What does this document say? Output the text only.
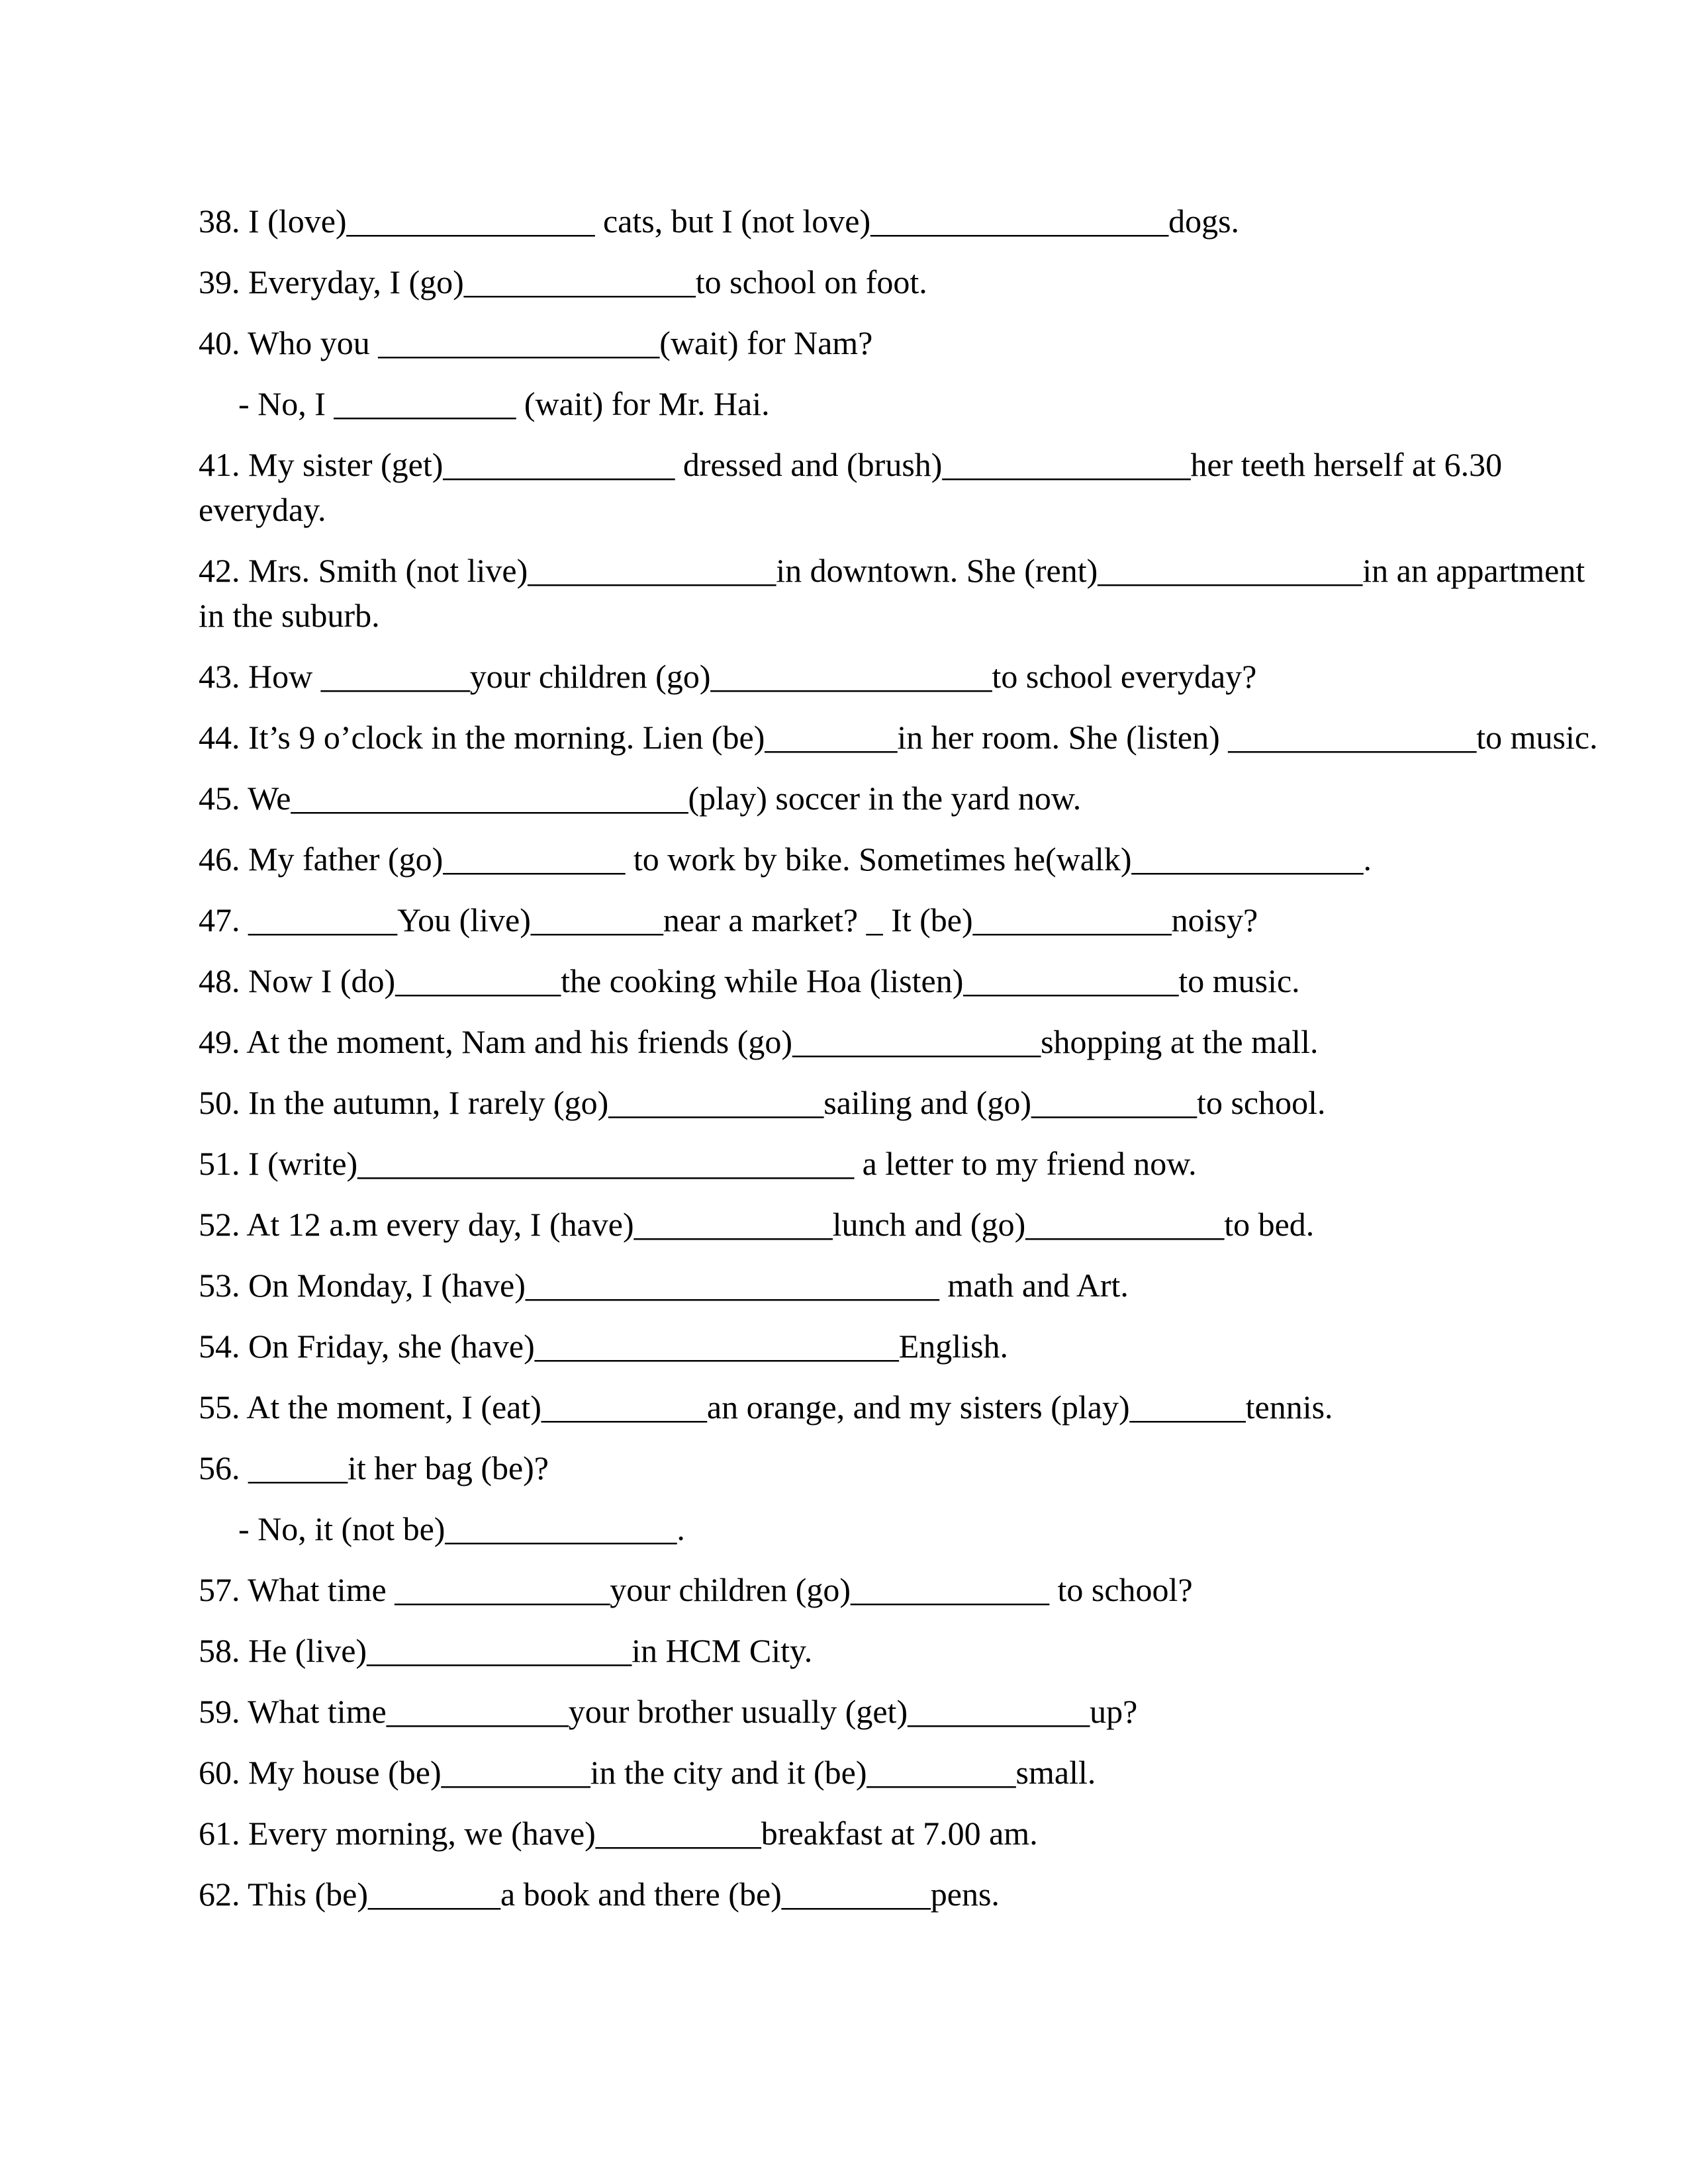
38. I (love)_______________ cats, but I (not love)__________________dogs.

39. Everyday, I (go)______________to school on foot.

40. Who you _________________(wait) for Nam?

- No, I ___________ (wait) for Mr. Hai.

41. My sister (get)______________ dressed and (brush)_______________her teeth herself at 6.30 everyday.

42. Mrs. Smith (not live)_______________in downtown. She (rent)________________in an appartment in the suburb.

43. How _________your children (go)_________________to school everyday?

44. It’s 9 o’clock in the morning. Lien (be)________in her room. She (listen) _______________to music.

45. We________________________(play) soccer in the yard now.

46. My father (go)___________ to work by bike. Sometimes he(walk)______________.

47. _________You (live)________near a market? _ It (be)____________noisy?

48. Now I (do)__________the cooking while Hoa (listen)_____________to music.

49. At the moment, Nam and his friends (go)_______________shopping at the mall.

50. In the autumn, I rarely (go)_____________sailing and (go)__________to school.

51. I (write)______________________________ a letter to my friend now.

52. At 12 a.m every day, I (have)____________lunch and (go)____________to bed.

53. On Monday, I (have)_________________________ math and Art.

54. On Friday, she (have)______________________English.

55. At the moment, I (eat)__________an orange, and my sisters (play)_______tennis.

56. ______it her bag (be)?

- No, it (not be)______________.

57. What time _____________your children (go)____________ to school?

58. He (live)________________in HCM City.

59. What time___________your brother usually (get)___________up?

60. My house (be)_________in the city and it (be)_________small.

61. Every morning, we (have)__________breakfast at 7.00 am.

62. This (be)________a book and there (be)_________pens.
